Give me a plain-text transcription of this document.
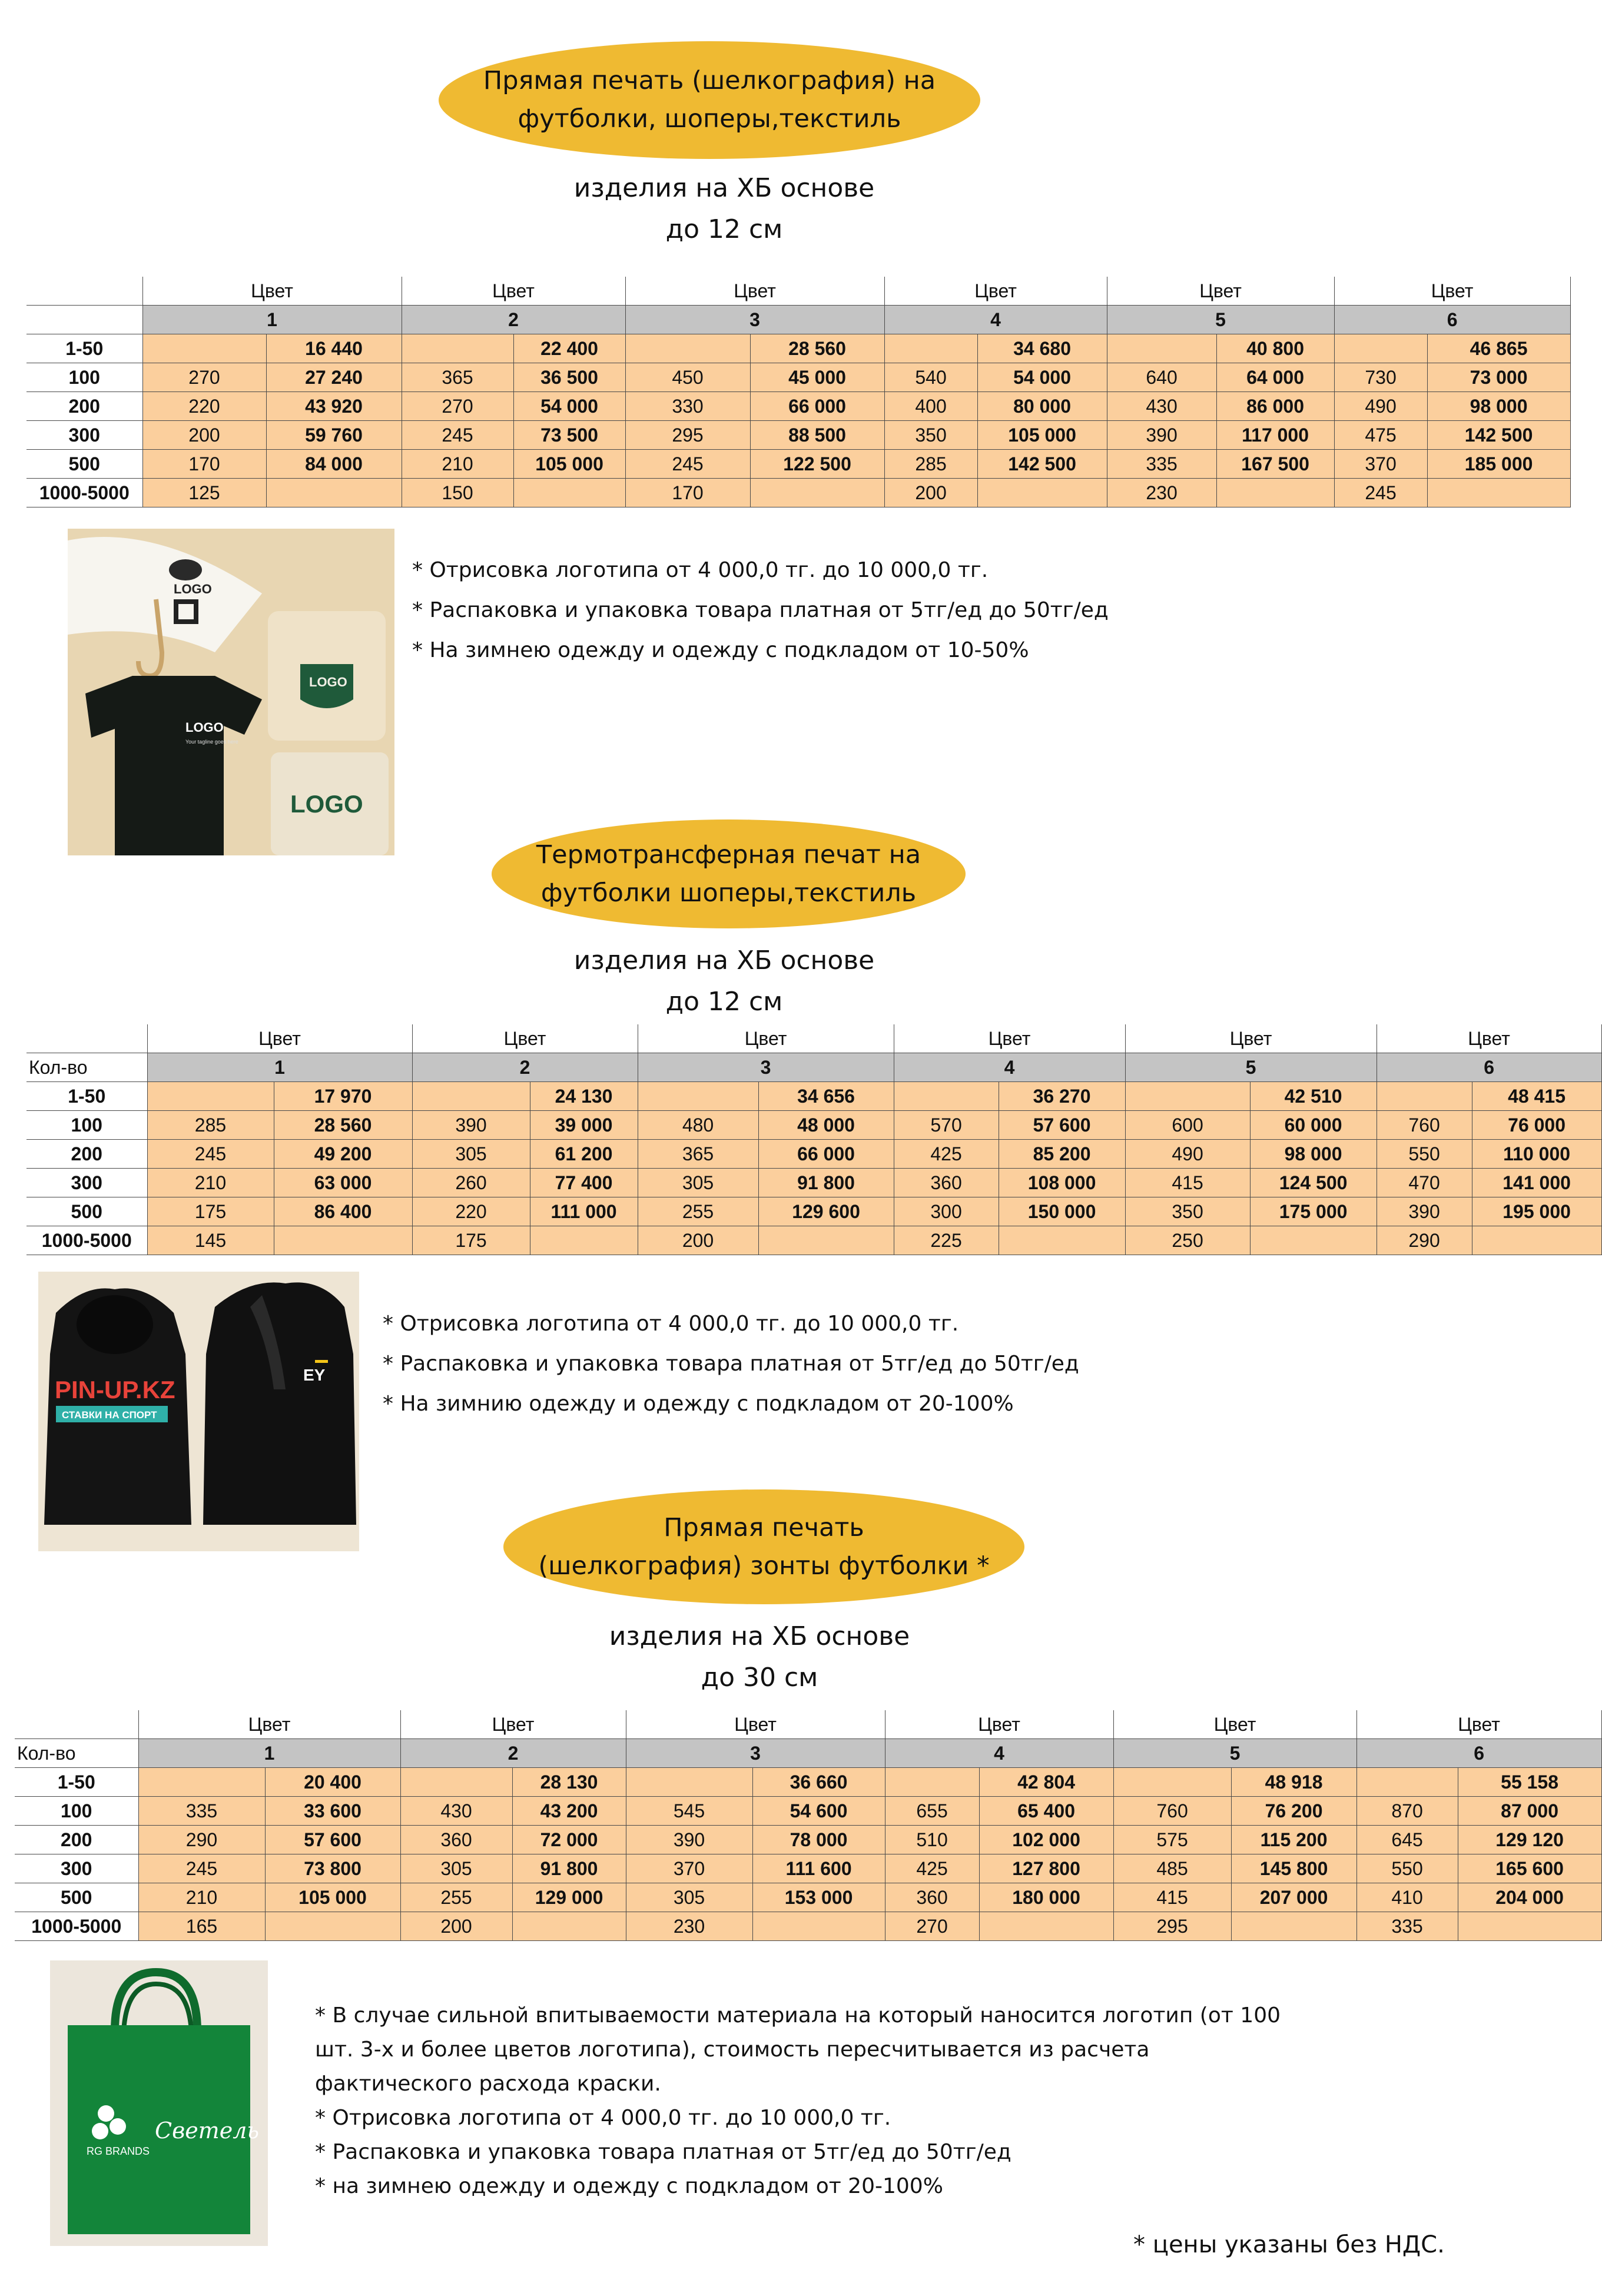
Прямая печать (шелкография) на
футболки, шоперы,текстиль
изделия на ХБ основе
до 12 см
	Цвет		Цвет		Цвет		Цвет		Цвет		Цвет	
	1		2		3		4		5		6	
1-50		16 440		22 400		28 560		34 680		40 800		46 865
100	270	27 240	365	36 500	450	45 000	540	54 000	640	64 000	730	73 000
200	220	43 920	270	54 000	330	66 000	400	80 000	430	86 000	490	98 000
300	200	59 760	245	73 500	295	88 500	350	105 000	390	117 000	475	142 500
500	170	84 000	210	105 000	245	122 500	285	142 500	335	167 500	370	185 000
1000-5000	125		150		170		200		230		245	
LOGO
LOGO
LOGO
Your tagline goes here
LOGO
* Отрисовка логотипа от 4 000,0 тг. до 10 000,0 тг.
* Распаковка и упаковка товара платная от 5тг/ед до 50тг/ед
* На зимнею одежду и одежду с подкладом от 10-50%
Термотрансферная печат на
футболки шоперы,текстиль
изделия на ХБ основе
до 12 см
	Цвет		Цвет		Цвет		Цвет		Цвет		Цвет	
Кол-во	1		2		3		4		5		6	
1-50		17 970		24 130		34 656		36 270		42 510		48 415
100	285	28 560	390	39 000	480	48 000	570	57 600	600	60 000	760	76 000
200	245	49 200	305	61 200	365	66 000	425	85 200	490	98 000	550	110 000
300	210	63 000	260	77 400	305	91 800	360	108 000	415	124 500	470	141 000
500	175	86 400	220	111 000	255	129 600	300	150 000	350	175 000	390	195 000
1000-5000	145		175		200		225		250		290	
PIN-UP.KZ
СТАВКИ НА СПОРТ
EY
* Отрисовка логотипа от 4 000,0 тг. до 10 000,0 тг.
* Распаковка и упаковка товара платная от 5тг/ед до 50тг/ед
* На зимнию одежду и одежду с подкладом от 20-100%
Прямая печать
(шелкография) зонты футболки *
изделия на ХБ основе
до 30 см
	Цвет		Цвет		Цвет		Цвет		Цвет		Цвет	
Кол-во	1		2		3		4		5		6	
1-50		20 400		28 130		36 660		42 804		48 918		55 158
100	335	33 600	430	43 200	545	54 600	655	65 400	760	76 200	870	87 000
200	290	57 600	360	72 000	390	78 000	510	102 000	575	115 200	645	129 120
300	245	73 800	305	91 800	370	111 600	425	127 800	485	145 800	550	165 600
500	210	105 000	255	129 000	305	153 000	360	180 000	415	207 000	410	204 000
1000-5000	165		200		230		270		295		335	
RG BRANDS
Светель
* В случае сильной впитываемости материала на который наносится логотип (от 100 шт. 3-х и более цветов логотипа), стоимость пересчитывается из расчета фактического расхода краски.
* Отрисовка логотипа от 4 000,0 тг. до 10 000,0 тг.
* Распаковка и упаковка товара платная от 5тг/ед до 50тг/ед
* на зимнею одежду и одежду с подкладом от 20-100%
* цены указаны без НДС.
